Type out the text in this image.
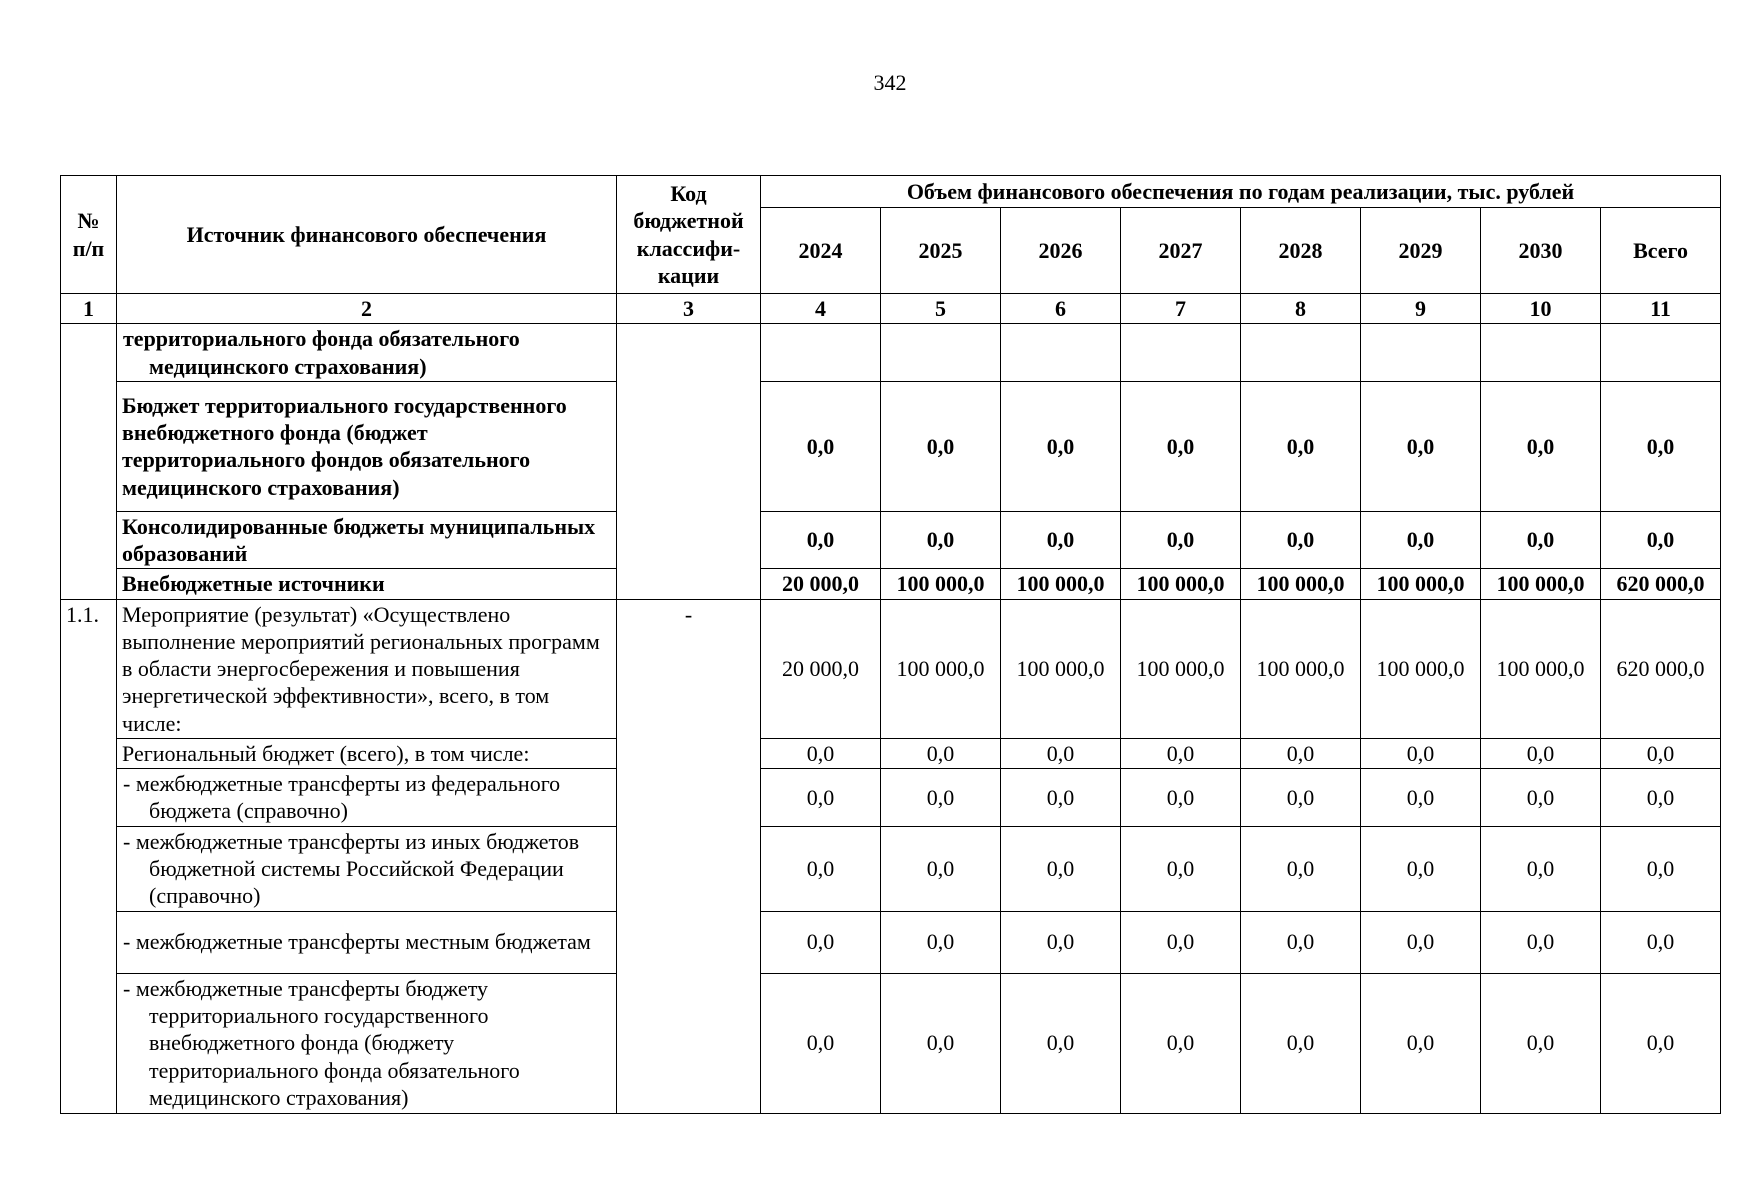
342
№ п/п	Источник финансового обеспечения	Код бюджетной классифи-кации	Объем финансового обеспечения по годам реализации, тыс. рублей							
			2024	2025	2026	2027	2028	2029	2030	Всего
1	2	3	4	5	6	7	8	9	10	11
	территориального фонда обязательного медицинского страхования)									
	Бюджет территориального государственного внебюджетного фонда (бюджет территориального фондов обязательного медицинского страхования)		0,0	0,0	0,0	0,0	0,0	0,0	0,0	0,0
	Консолидированные бюджеты муниципальных образований		0,0	0,0	0,0	0,0	0,0	0,0	0,0	0,0
	Внебюджетные источники		20 000,0	100 000,0	100 000,0	100 000,0	100 000,0	100 000,0	100 000,0	620 000,0
1.1.	Мероприятие (результат) «Осуществлено выполнение мероприятий региональных программ в области энергосбережения и повышения энергетической эффективности», всего, в том числе:	-	20 000,0	100 000,0	100 000,0	100 000,0	100 000,0	100 000,0	100 000,0	620 000,0
	Региональный бюджет (всего), в том числе:		0,0	0,0	0,0	0,0	0,0	0,0	0,0	0,0
	- межбюджетные трансферты из федерального бюджета (справочно)		0,0	0,0	0,0	0,0	0,0	0,0	0,0	0,0
	- межбюджетные трансферты из иных бюджетов бюджетной системы Российской Федерации (справочно)		0,0	0,0	0,0	0,0	0,0	0,0	0,0	0,0
	- межбюджетные трансферты местным бюджетам		0,0	0,0	0,0	0,0	0,0	0,0	0,0	0,0
	- межбюджетные трансферты бюджету территориального государственного внебюджетного фонда (бюджету территориального фонда обязательного медицинского страхования)		0,0	0,0	0,0	0,0	0,0	0,0	0,0	0,0
